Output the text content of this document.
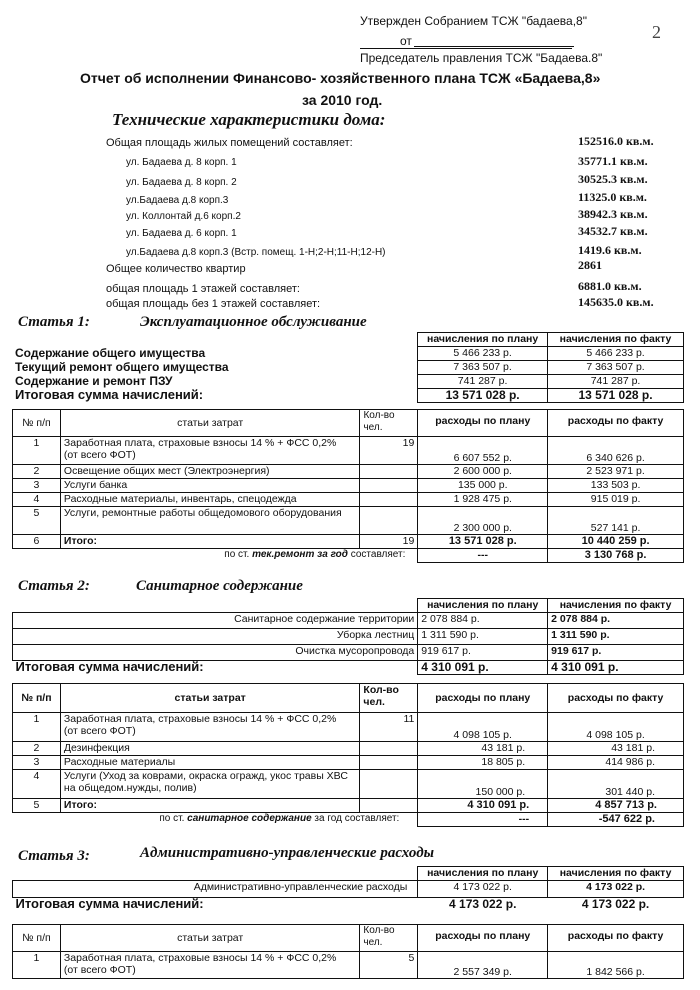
Утвержден Собранием ТСЖ "бадаева,8"
от
Председатель правления ТСЖ "Бадаева.8"
2
Отчет об исполнении Финансово- хозяйственного плана ТСЖ «Бадаева,8»
за 2010 год.
Технические характеристики дома:
Общая площадь жилых помещений составляет:	152516.0 кв.м.
ул. Бадаева д. 8 корп. 1	35771.1 кв.м.
ул. Бадаева д. 8 корп. 2	30525.3 кв.м.
ул.Бадаева д.8 корп.3	11325.0 кв.м.
ул. Коллонтай д.6 корп.2	38942.3 кв.м.
ул. Бадаева д. 6 корп. 1	34532.7 кв.м.
ул.Бадаева д.8 корп.3 (Встр. помещ. 1-Н;2-Н;11-Н;12-Н)	1419.6 кв.м.
Общее количество квартир	2861
общая площадь 1 этажей составляет:	6881.0 кв.м.
общая площадь без 1 этажей составляет:	145635.0 кв.м.
Статья 1:	Эксплуатационное обслуживание
	начисления по плану	начисления по факту
Содержание общего имущества	5 466 233 р.	5 466 233 р.
Текущий ремонт общего имущества	7 363 507 р.	7 363 507 р.
Содержание и ремонт ПЗУ	741 287 р.	741 287 р.
Итоговая сумма начислений:	13 571 028 р.	13 571 028 р.
№ п/п	статьи затрат	Кол-во чел.	расходы по плану	расходы по факту
1	Заработная плата, страховые взносы 14 % + ФСС 0,2%
(от всего ФОТ)	19	6 607 552 р.	6 340 626 р.
2	Освещение общих мест (Электроэнергия)		2 600 000 р.	2 523 971 р.
3	Услуги банка		135 000 р.	133 503 р.
4	Расходные материалы, инвентарь, спецодежда		1 928 475 р.	915 019 р.
5	Услуги, ремонтные работы общедомового оборудования		2 300 000 р.	527 141 р.
6	Итого:	19	13 571 028 р.	10 440 259 р.
по ст. тек.ремонт за год составляет:			---	3 130 768 р.
Статья 2:	Санитарное содержание
	начисления по плану	начисления по факту
Санитарное содержание территории	2 078 884 р.	2 078 884 р.
Уборка лестниц	1 311 590 р.	1 311 590 р.
Очистка мусоропровода	919 617 р.	919 617 р.
Итоговая сумма начислений:	4 310 091 р.	4 310 091 р.
№ п/п	статьи затрат	Кол-во чел.	расходы по плану	расходы по факту
1	Заработная плата, страховые взносы 14 % + ФСС 0,2%
(от всего ФОТ)	11	4 098 105 р.	4 098 105 р.
2	Дезинфекция		43 181 р.	43 181 р.
3	Расходные материалы		18 805 р.	414 986 р.
4	Услуги (Уход за коврами, окраска огражд, укос травы ХВС
на общедом.нужды, полив)		150 000 р.	301 440 р.
5	Итого:		4 310 091 р.	4 857 713 р.
по ст. санитарное содержание за год составляет:			---	-547 622 р.
Статья 3:	Административно-управленческие расходы
	начисления по плану	начисления по факту
Административно-управленческие расходы	4 173 022 р.	4 173 022 р.
Итоговая сумма начислений:	4 173 022 р.	4 173 022 р.
№ п/п	статьи затрат	Кол-во чел.	расходы по плану	расходы по факту
1	Заработная плата, страховые взносы 14 % + ФСС 0,2%
(от всего ФОТ)	5	2 557 349 р.	1 842 566 р.
